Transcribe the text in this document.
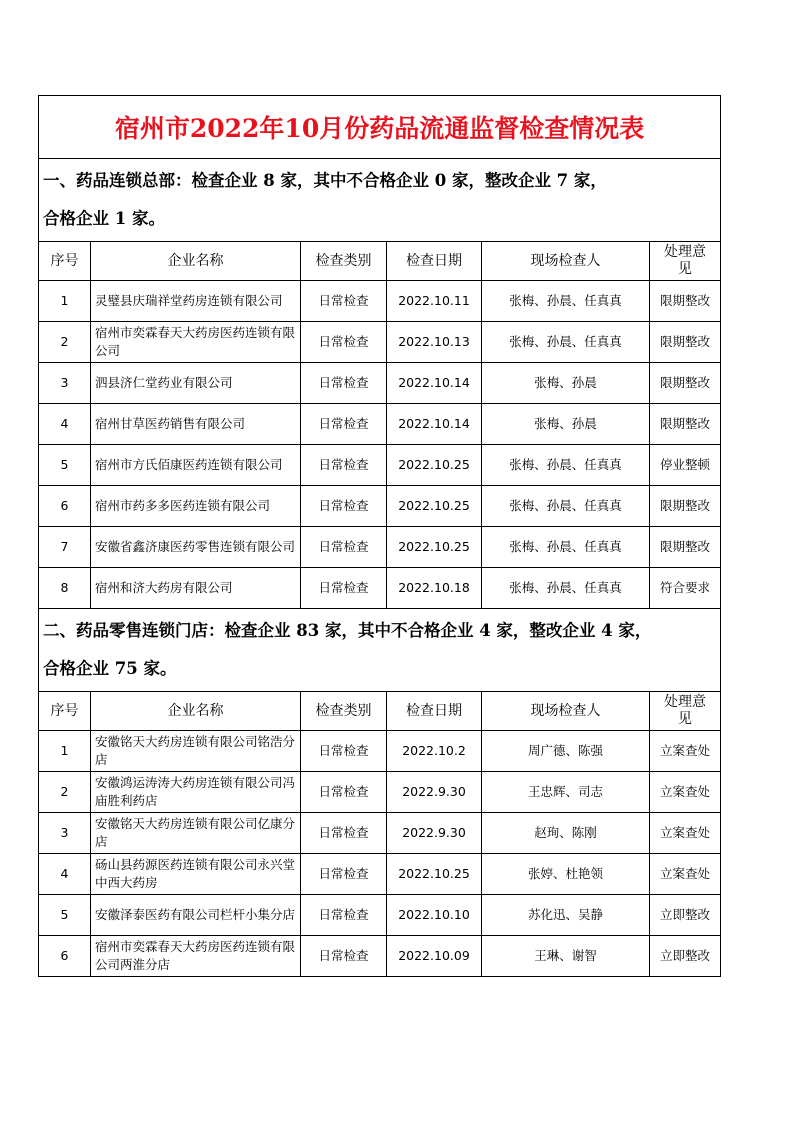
宿州市2022年10月份药品流通监督检查情况表					

一、药品连锁总部：检查企业 8 家，其中不合格企业 0 家，整改企业 7 家，
合格企业 1 家。					

序号	企业名称	检查类别	检查日期	现场检查人	处理意见
1	灵璧县庆瑞祥堂药房连锁有限公司	日常检查	2022.10.11	张梅、孙晨、任真真	限期整改
2	宿州市奕霖春天大药房医药连锁有限公司	日常检查	2022.10.13	张梅、孙晨、任真真	限期整改
3	泗县济仁堂药业有限公司	日常检查	2022.10.14	张梅、孙晨	限期整改
4	宿州甘草医药销售有限公司	日常检查	2022.10.14	张梅、孙晨	限期整改
5	宿州市方氏佰康医药连锁有限公司	日常检查	2022.10.25	张梅、孙晨、任真真	停业整顿
6	宿州市药多多医药连锁有限公司	日常检查	2022.10.25	张梅、孙晨、任真真	限期整改
7	安徽省鑫济康医药零售连锁有限公司	日常检查	2022.10.25	张梅、孙晨、任真真	限期整改
8	宿州和济大药房有限公司	日常检查	2022.10.18	张梅、孙晨、任真真	符合要求

二、药品零售连锁门店：检查企业 83 家，其中不合格企业 4 家，整改企业 4 家，
合格企业 75 家。					

序号	企业名称	检查类别	检查日期	现场检查人	处理意见
1	安徽铭天大药房连锁有限公司铭浩分店	日常检查	2022.10.2	周广德、陈强	立案查处
2	安徽鸿运涛涛大药房连锁有限公司冯庙胜利药店	日常检查	2022.9.30	王忠辉、司志	立案查处
3	安徽铭天大药房连锁有限公司亿康分店	日常检查	2022.9.30	赵珣、陈刚	立案查处
4	砀山县药源医药连锁有限公司永兴堂中西大药房	日常检查	2022.10.25	张婷、杜艳领	立案查处
5	安徽泽泰医药有限公司栏杆小集分店	日常检查	2022.10.10	苏化迅、吴静	立即整改
6	宿州市奕霖春天大药房医药连锁有限公司两淮分店	日常检查	2022.10.09	王琳、谢智	立即整改
